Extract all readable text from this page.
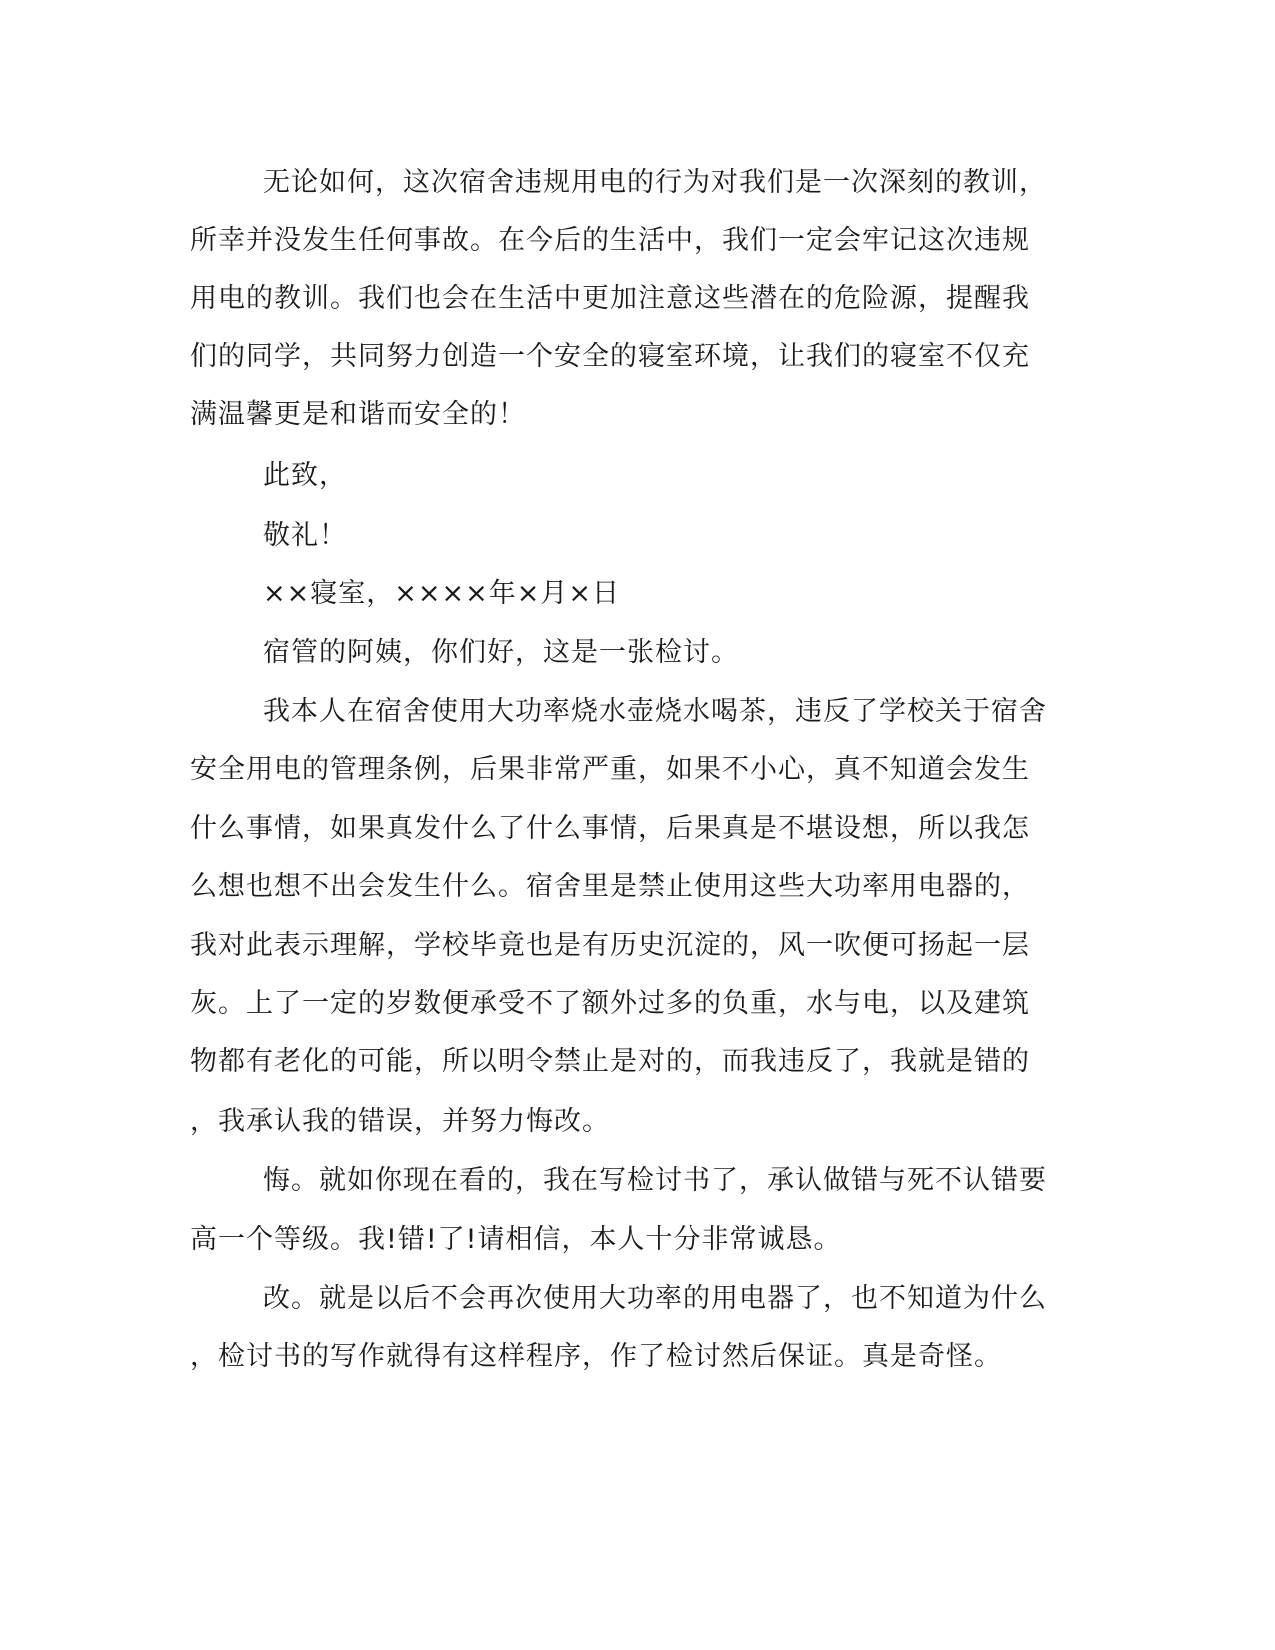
无论如何，这次宿舍违规用电的行为对我们是一次深刻的教训，
所幸并没发生任何事故。在今后的生活中，我们一定会牢记这次违规
用电的教训。我们也会在生活中更加注意这些潜在的危险源，提醒我
们的同学，共同努力创造一个安全的寝室环境，让我们的寝室不仅充
满温馨更是和谐而安全的！
此致，
敬礼！
××寝室，××××年×月×日
宿管的阿姨，你们好，这是一张检讨。
我本人在宿舍使用大功率烧水壶烧水喝茶，违反了学校关于宿舍
安全用电的管理条例，后果非常严重，如果不小心，真不知道会发生
什么事情，如果真发什么了什么事情，后果真是不堪设想，所以我怎
么想也想不出会发生什么。宿舍里是禁止使用这些大功率用电器的，
我对此表示理解，学校毕竟也是有历史沉淀的，风一吹便可扬起一层
灰。上了一定的岁数便承受不了额外过多的负重，水与电，以及建筑
物都有老化的可能，所以明令禁止是对的，而我违反了，我就是错的
，我承认我的错误，并努力悔改。
悔。就如你现在看的，我在写检讨书了，承认做错与死不认错要
高一个等级。我!错!了!请相信，本人十分非常诚恳。
改。就是以后不会再次使用大功率的用电器了，也不知道为什么
，检讨书的写作就得有这样程序，作了检讨然后保证。真是奇怪。
